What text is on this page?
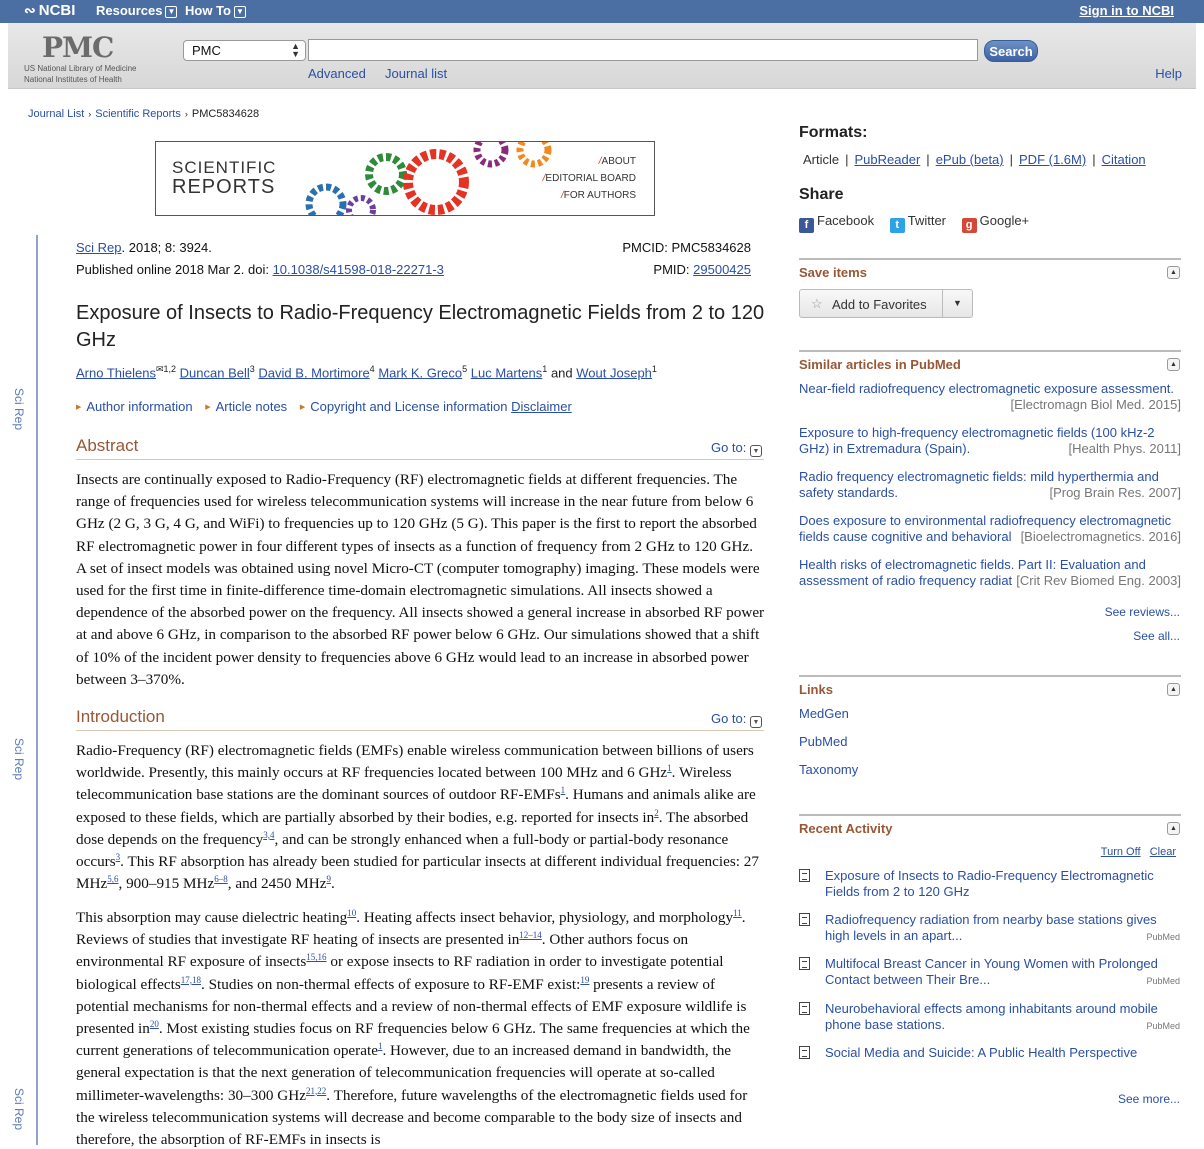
∾ NCBI Resources ▼ How To ▼	Sign in to NCBI
PMC
US National Library of Medicine
National Institutes of Health
PMC	▲
▼	Search
Advanced Journal list	Help
Journal List › Scientific Reports › PMC5834628
SCIENTIFIC
REPORTS
/ABOUT
/EDITORIAL BOARD
/FOR AUTHORS
Sci Rep
Sci Rep
Sci Rep
Sci Rep. 2018; 8: 3924.
Published online 2018 Mar 2. doi: 10.1038/s41598-018-22271-3
PMCID: PMC5834628
PMID: 29500425
Exposure of Insects to Radio-Frequency Electromagnetic Fields from 2 to 120 GHz
Arno Thielens$^{✉1,2}$ Duncan Bell$^3$ David B. Mortimore$^4$ Mark K. Greco$^5$ Luc Martens$^1$ and Wout Joseph$^1$
▶ Author information ▶ Article notes ▶ Copyright and License information Disclaimer
Abstract	Go to: ▼
Insects are continually exposed to Radio-Frequency (RF) electromagnetic fields at different frequencies. The range of frequencies used for wireless telecommunication systems will increase in the near future from below 6 GHz (2 G, 3 G, 4 G, and WiFi) to frequencies up to 120 GHz (5 G). This paper is the first to report the absorbed RF electromagnetic power in four different types of insects as a function of frequency from 2 GHz to 120 GHz. A set of insect models was obtained using novel Micro-CT (computer tomography) imaging. These models were used for the first time in finite-difference time-domain electromagnetic simulations. All insects showed a dependence of the absorbed power on the frequency. All insects showed a general increase in absorbed RF power at and above 6 GHz, in comparison to the absorbed RF power below 6 GHz. Our simulations showed that a shift of 10% of the incident power density to frequencies above 6 GHz would lead to an increase in absorbed power between 3–370%.
Introduction	Go to: ▼
Radio-Frequency (RF) electromagnetic fields (EMFs) enable wireless communication between billions of users worldwide. Presently, this mainly occurs at RF frequencies located between 100 MHz and 6 GHz$^1$. Wireless telecommunication base stations are the dominant sources of outdoor RF-EMFs$^1$. Humans and animals alike are exposed to these fields, which are partially absorbed by their bodies, e.g. reported for insects $in^2$. The absorbed dose depends on the frequency$^{3,4}$, and can be strongly enhanced when a full-body or partial-body resonance occurs$^3$. This RF absorption has already been studied for particular insects at different individual frequencies: 27 MHz$^{5,6}$, 900–915 MHz$^{6-8}$, and 2450 MHz$^9$.
This absorption may cause dielectric heating$^{10}$. Heating affects insect behavior, physiology, and morphology$^{11}$. Reviews of studies that investigate RF heating of insects are presented $in^{12-14}$. Other authors focus on environmental RF exposure of insects$^{15,16}$ or expose insects to RF radiation in order to investigate potential biological effects$^{17,18}$. Studies on non-thermal effects of exposure to RF-EMF exist:$^{19}$ presents a review of potential mechanisms for non-thermal effects and a review of non-thermal effects of EMF exposure wildlife is presented $in^{20}$. Most existing studies focus on RF frequencies below 6 GHz. The same frequencies at which the current generations of telecommunication operate$^1$. However, due to an increased demand in bandwidth, the general expectation is that the next generation of telecommunication frequencies will operate at so-called millimeter-wavelengths: 30–300 GHz$^{21,22}$. Therefore, future wavelengths of the electromagnetic fields used for the wireless telecommunication systems will decrease and become comparable to the body size of insects and therefore, the absorption of RF-EMFs in insects is
Formats:
Article | PubReader | ePub (beta) | PDF (1.6M) | Citation
Share
f Facebook t Twitter g Google+
Save items	▲
☆ Add to Favorites	▼
Similar articles in PubMed	▲
Near-field radiofrequency electromagnetic exposure assessment.

[Electromagn Biol Med. 2015]
Exposure to high-frequency electromagnetic fields (100 kHz-2 GHz) in Extremadura (Spain).	[Health Phys. 2011]
Radio frequency electromagnetic fields: mild hyperthermia and safety standards.	[Prog Brain Res. 2007]
Does exposure to environmental radiofrequency electromagnetic fields cause cognitive and behavioral [Bioelectromagnetics. 2016]
Health risks of electromagnetic fields. Part II: Evaluation and assessment of radio frequency radiat [Crit Rev Biomed Eng. 2003]
See reviews...
See all...
Links	▲
MedGen
PubMed
Taxonomy
Recent Activity	▲
Turn Off Clear
Exposure of Insects to Radio-Frequency Electromagnetic Fields from 2 to 120 GHz
Radiofrequency radiation from nearby base stations gives high levels in an apart...	PubMed
Multifocal Breast Cancer in Young Women with Prolonged Contact between Their Bre...	PubMed
Neurobehavioral effects among inhabitants around mobile phone base stations.	PubMed
Social Media and Suicide: A Public Health Perspective
See more...
